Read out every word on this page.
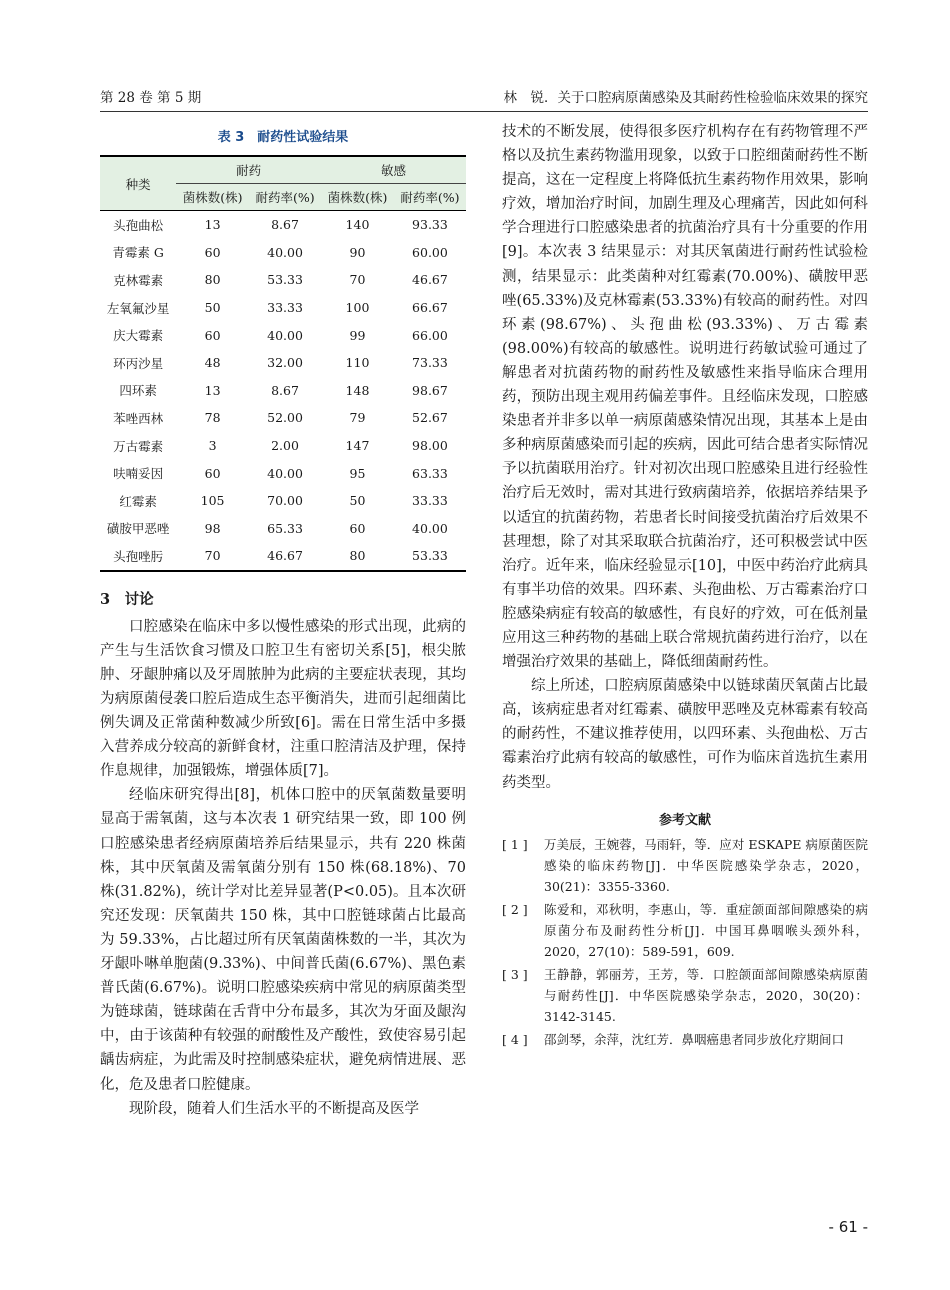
第 28 卷 第 5 期	林　锐．关于口腔病原菌感染及其耐药性检验临床效果的探究
表 3　耐药性试验结果
种类	耐药		敏感	
	菌株数(株)	耐药率(%)	菌株数(株)	耐药率(%)
头孢曲松	13	8.67	140	93.33
青霉素 G	60	40.00	90	60.00
克林霉素	80	53.33	70	46.67
左氧氟沙星	50	33.33	100	66.67
庆大霉素	60	40.00	99	66.00
环丙沙星	48	32.00	110	73.33
四环素	13	8.67	148	98.67
苯唑西林	78	52.00	79	52.67
万古霉素	3	2.00	147	98.00
呋喃妥因	60	40.00	95	63.33
红霉素	105	70.00	50	33.33
磺胺甲恶唑	98	65.33	60	40.00
头孢唑肟	70	46.67	80	53.33
3　讨论

口腔感染在临床中多以慢性感染的形式出现，此病的产生与生活饮食习惯及口腔卫生有密切关系[5]，根尖脓肿、牙龈肿痛以及牙周脓肿为此病的主要症状表现，其均为病原菌侵袭口腔后造成生态平衡消失，进而引起细菌比例失调及正常菌种数减少所致[6]。需在日常生活中多摄入营养成分较高的新鲜食材，注重口腔清洁及护理，保持作息规律，加强锻炼，增强体质[7]。

经临床研究得出[8]，机体口腔中的厌氧菌数量要明显高于需氧菌，这与本次表 1 研究结果一致，即 100 例口腔感染患者经病原菌培养后结果显示，共有 220 株菌株，其中厌氧菌及需氧菌分别有 150 株(68.18%)、70 株(31.82%)，统计学对比差异显著(P<0.05)。且本次研究还发现：厌氧菌共 150 株，其中口腔链球菌占比最高为 59.33%，占比超过所有厌氧菌菌株数的一半，其次为牙龈卟啉单胞菌(9.33%)、中间普氏菌(6.67%)、黑色素普氏菌(6.67%)。说明口腔感染疾病中常见的病原菌类型为链球菌，链球菌在舌背中分布最多，其次为牙面及龈沟中，由于该菌种有较强的耐酸性及产酸性，致使容易引起龋齿病症，为此需及时控制感染症状，避免病情进展、恶化，危及患者口腔健康。

现阶段，随着人们生活水平的不断提高及医学

技术的不断发展，使得很多医疗机构存在有药物管理不严格以及抗生素药物滥用现象，以致于口腔细菌耐药性不断提高，这在一定程度上将降低抗生素药物作用效果，影响疗效，增加治疗时间，加剧生理及心理痛苦，因此如何科学合理进行口腔感染患者的抗菌治疗具有十分重要的作用[9]。本次表 3 结果显示：对其厌氧菌进行耐药性试验检测，结果显示：此类菌种对红霉素(70.00%)、磺胺甲恶唑(65.33%)及克林霉素(53.33%)有较高的耐药性。对四环素(98.67%)、头孢曲松(93.33%)、万古霉素(98.00%)有较高的敏感性。说明进行药敏试验可通过了解患者对抗菌药物的耐药性及敏感性来指导临床合理用药，预防出现主观用药偏差事件。且经临床发现，口腔感染患者并非多以单一病原菌感染情况出现，其基本上是由多种病原菌感染而引起的疾病，因此可结合患者实际情况予以抗菌联用治疗。针对初次出现口腔感染且进行经验性治疗后无效时，需对其进行致病菌培养，依据培养结果予以适宜的抗菌药物，若患者长时间接受抗菌治疗后效果不甚理想，除了对其采取联合抗菌治疗，还可积极尝试中医治疗。近年来，临床经验显示[10]，中医中药治疗此病具有事半功倍的效果。四环素、头孢曲松、万古霉素治疗口腔感染病症有较高的敏感性，有良好的疗效，可在低剂量应用这三种药物的基础上联合常规抗菌药进行治疗，以在增强治疗效果的基础上，降低细菌耐药性。

综上所述，口腔病原菌感染中以链球菌厌氧菌占比最高，该病症患者对红霉素、磺胺甲恶唑及克林霉素有较高的耐药性，不建议推荐使用，以四环素、头孢曲松、万古霉素治疗此病有较高的敏感性，可作为临床首选抗生素用药类型。

参考文献
[ 1 ]	万美辰，王婉蓉，马雨轩，等．应对 ESKAPE 病原菌医院感染的临床药物[J]．中华医院感染学杂志，2020，30(21)：3355-3360.
[ 2 ]	陈爱和，邓秋明，李惠山，等．重症颌面部间隙感染的病原菌分布及耐药性分析[J]．中国耳鼻咽喉头颈外科，2020，27(10)：589-591，609.
[ 3 ]	王静静，郭丽芳，王芳，等．口腔颌面部间隙感染病原菌与耐药性[J]．中华医院感染学杂志，2020，30(20)：3142-3145.
[ 4 ]	邵剑琴，余萍，沈红芳．鼻咽癌患者同步放化疗期间口
- 61 -
